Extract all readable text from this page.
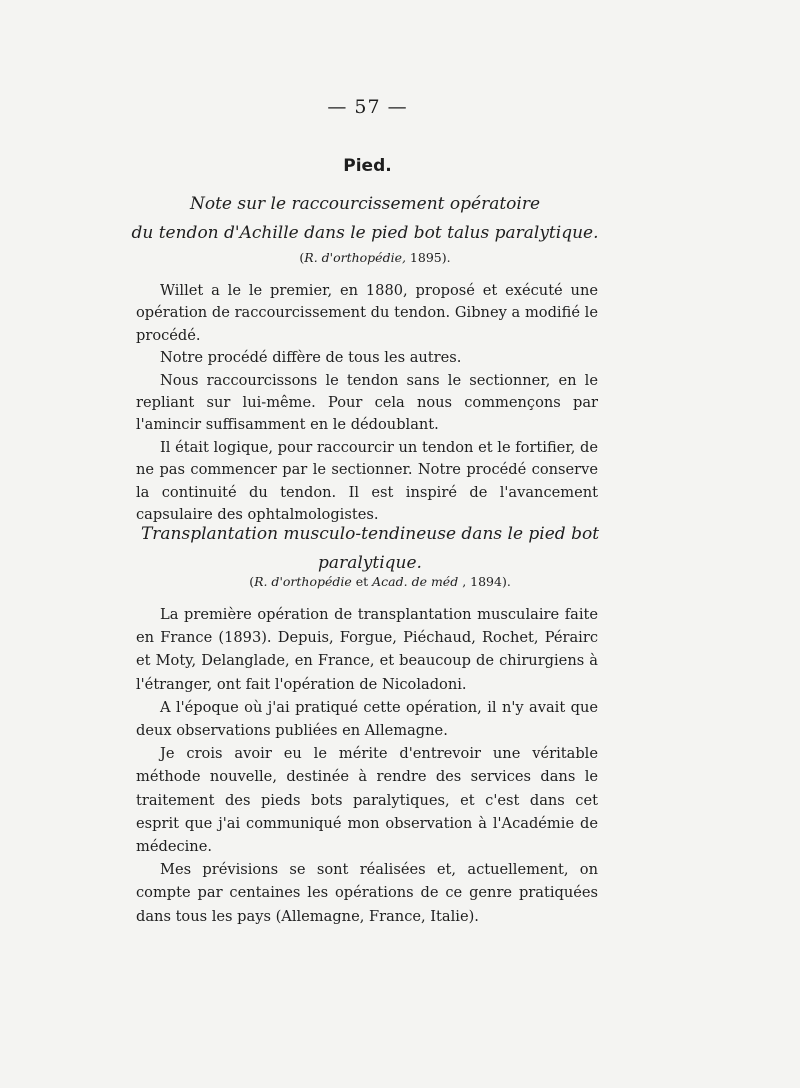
— 57 —
Pied.
Note sur le raccourcissement opératoire
du tendon d'Achille dans le pied bot talus paralytique.
(R. d'orthopédie, 1895).

Willet a le le premier, en 1880, proposé et exécuté une opération de raccourcissement du tendon. Gibney a modifié le procédé.

Notre procédé diffère de tous les autres.

Nous raccourcissons le tendon sans le sectionner, en le repliant sur lui-même. Pour cela nous commençons par l'amincir suffisamment en le dédoublant.

Il était logique, pour raccourcir un tendon et le fortifier, de ne pas commencer par le sectionner. Notre procédé conserve la continuité du tendon. Il est inspiré de l'avancement capsulaire des ophtalmologistes.

Transplantation musculo-tendineuse dans le pied bot
paralytique.
(R. d'orthopédie et Acad. de méd , 1894).

La première opération de transplantation musculaire faite en France (1893). Depuis, Forgue, Piéchaud, Rochet, Pérairc et Moty, Delanglade, en France, et beaucoup de chirurgiens à l'étranger, ont fait l'opération de Nicoladoni.

A l'époque où j'ai pratiqué cette opération, il n'y avait que deux observations publiées en Allemagne.

Je crois avoir eu le mérite d'entrevoir une véritable méthode nouvelle, destinée à rendre des services dans le traitement des pieds bots paralytiques, et c'est dans cet esprit que j'ai communiqué mon observation à l'Académie de médecine.

Mes prévisions se sont réalisées et, actuellement, on compte par centaines les opérations de ce genre pratiquées dans tous les pays (Allemagne, France, Italie).
